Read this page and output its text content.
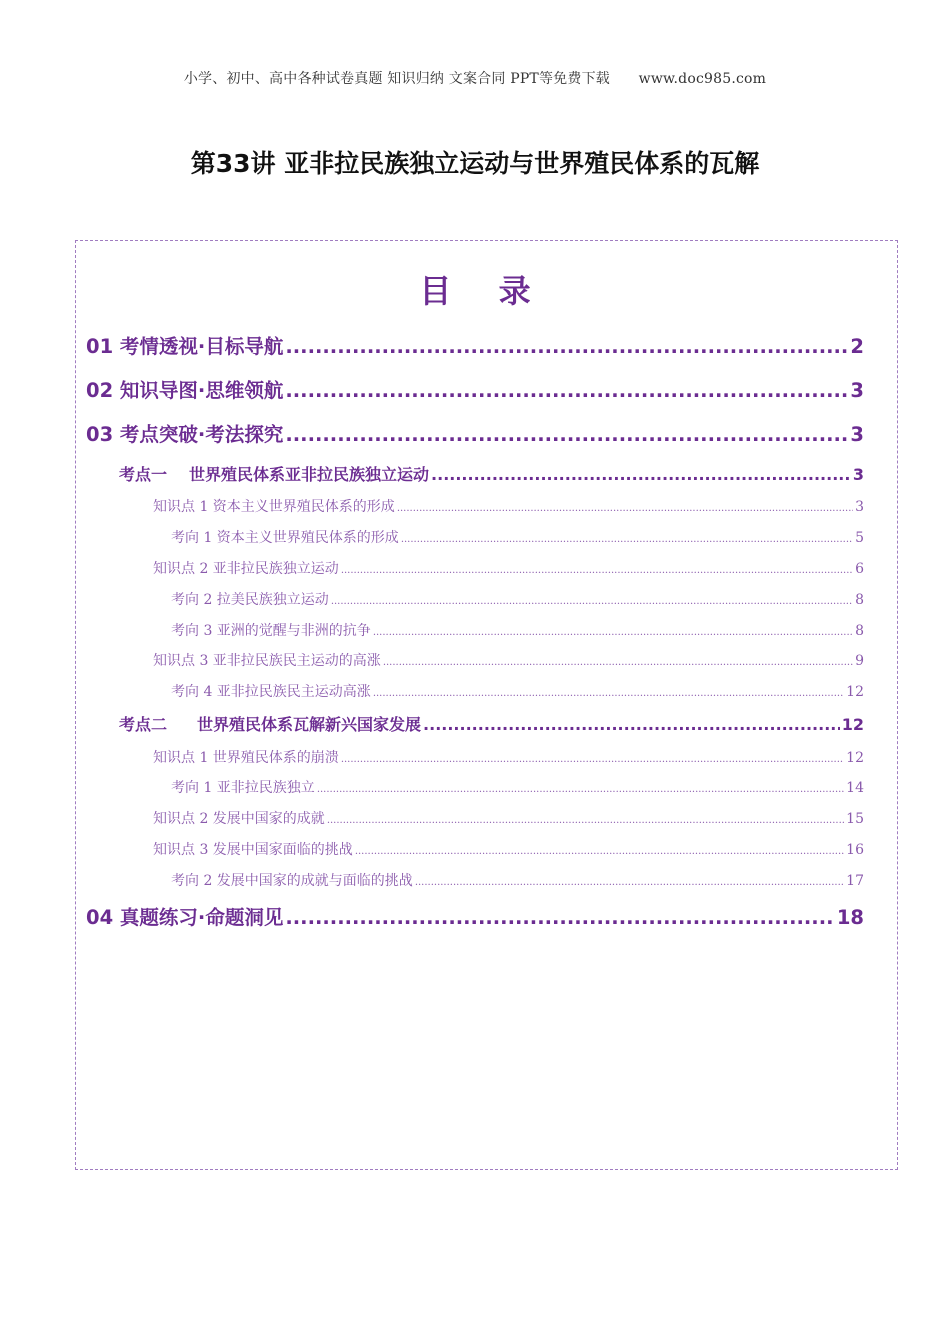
小学、初中、高中各种试卷真题 知识归纳 文案合同 PPT等免费下载 www.doc985.com
第33讲 亚非拉民族独立运动与世界殖民体系的瓦解
目 录
01 考情透视·目标导航 .....	2
02 知识导图·思维领航 .....	3
03 考点突破·考法探究 .....	3
考点一 世界殖民体系亚非拉民族独立运动 .....	3
知识点 1 资本主义世界殖民体系的形成 .....	3
考向 1 资本主义世界殖民体系的形成 .....	5
知识点 2 亚非拉民族独立运动 .....	6
考向 2 拉美民族独立运动 .....	8
考向 3 亚洲的觉醒与非洲的抗争 .....	8
知识点 3 亚非拉民族民主运动的高涨 .....	9
考向 4 亚非拉民族民主运动高涨 .....	12
考点二 世界殖民体系瓦解新兴国家发展 .....	12
知识点 1 世界殖民体系的崩溃 .....	12
考向 1 亚非拉民族独立 .....	14
知识点 2 发展中国家的成就 .....	15
知识点 3 发展中国家面临的挑战 .....	16
考向 2 发展中国家的成就与面临的挑战 .....	17
04 真题练习·命题洞见 .....	18
